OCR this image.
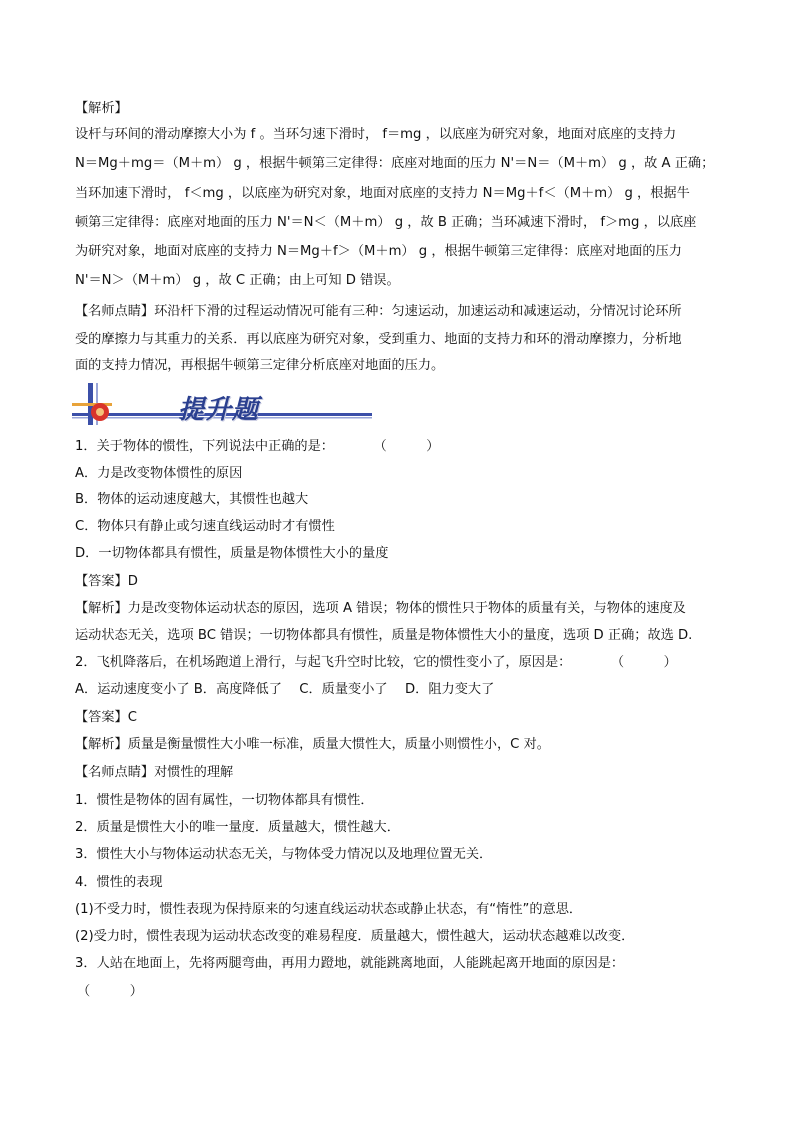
【解析】
设杆与环间的滑动摩擦大小为 f 。当环匀速下滑时， f＝mg ，以底座为研究对象，地面对底座的支持力
N＝Mg＋mg＝（M＋m） g ，根据牛顿第三定律得：底座对地面的压力 N'＝N＝（M＋m） g ，故 A 正确；
当环加速下滑时， f＜mg ，以底座为研究对象，地面对底座的支持力 N＝Mg＋f＜（M＋m） g ，根据牛
顿第三定律得：底座对地面的压力 N'＝N＜（M＋m） g ，故 B 正确；当环减速下滑时， f＞mg ，以底座
为研究对象，地面对底座的支持力 N＝Mg＋f＞（M＋m） g ，根据牛顿第三定律得：底座对地面的压力
N'＝N＞（M＋m） g ，故 C 正确；由上可知 D 错误。
【名师点睛】环沿杆下滑的过程运动情况可能有三种：匀速运动，加速运动和减速运动，分情况讨论环所
受的摩擦力与其重力的关系．再以底座为研究对象，受到重力、地面的支持力和环的滑动摩擦力，分析地
面的支持力情况，再根据牛顿第三定律分析底座对地面的压力。
提升题
1．关于物体的惯性，下列说法中正确的是：　　　　（　　　）
A．力是改变物体惯性的原因
B．物体的运动速度越大，其惯性也越大
C．物体只有静止或匀速直线运动时才有惯性
D．一切物体都具有惯性，质量是物体惯性大小的量度
【答案】D
【解析】力是改变物体运动状态的原因，选项 A 错误；物体的惯性只于物体的质量有关，与物体的速度及
运动状态无关，选项 BC 错误；一切物体都具有惯性，质量是物体惯性大小的量度，选项 D 正确；故选 D.
2．飞机降落后，在机场跑道上滑行，与起飞升空时比较，它的惯性变小了，原因是：　　　　（　　　）
A．运动速度变小了 B．高度降低了　 C．质量变小了　 D．阻力变大了
【答案】C
【解析】质量是衡量惯性大小唯一标准，质量大惯性大，质量小则惯性小，C 对。
【名师点睛】对惯性的理解
1．惯性是物体的固有属性，一切物体都具有惯性．
2．质量是惯性大小的唯一量度．质量越大，惯性越大．
3．惯性大小与物体运动状态无关，与物体受力情况以及地理位置无关．
4．惯性的表现
(1)不受力时，惯性表现为保持原来的匀速直线运动状态或静止状态，有“惰性”的意思．
(2)受力时，惯性表现为运动状态改变的难易程度．质量越大，惯性越大，运动状态越难以改变．
3．人站在地面上，先将两腿弯曲，再用力蹬地，就能跳离地面，人能跳起离开地面的原因是：
（　　　）
